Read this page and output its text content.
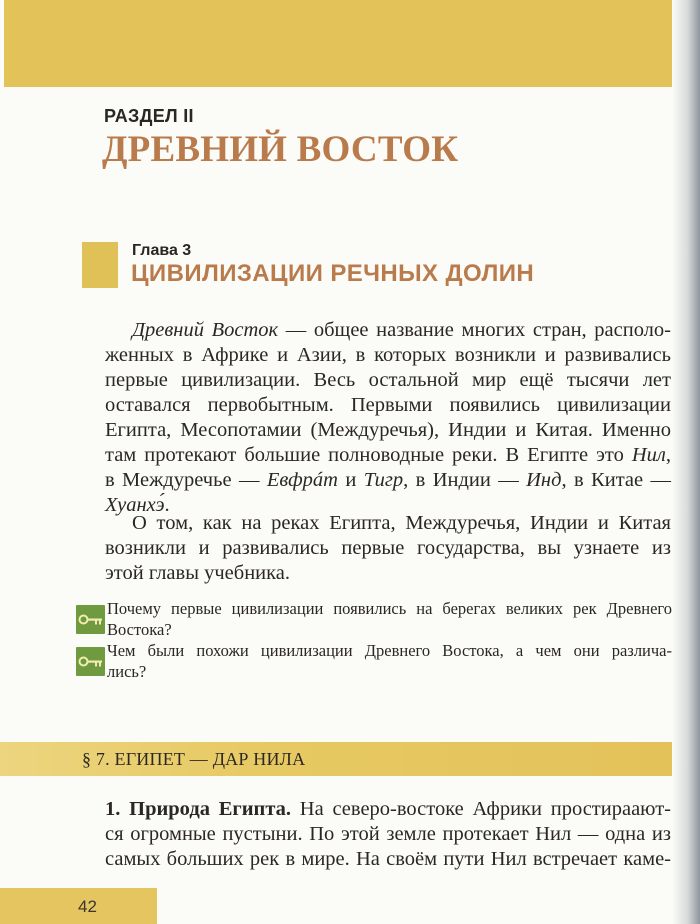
РАЗДЕЛ II
ДРЕВНИЙ ВОСТОК
Глава 3
ЦИВИЛИЗАЦИИ РЕЧНЫХ ДОЛИН
Древний Восток — общее название многих стран, располо-
женных в Африке и Азии, в которых возникли и развивались
первые цивилизации. Весь остальной мир ещё тысячи лет
оставался первобытным. Первыми появились цивилизации
Египта, Месопотамии (Междуречья), Индии и Китая. Именно
там протекают большие полноводные реки. В Египте это Нил,
в Междуречье — Евфрáт и Тигр, в Индии — Инд, в Китае —
Хуанхэ́.
О том, как на реках Египта, Междуречья, Индии и Китая
возникли и развивались первые государства, вы узнаете из
этой главы учебника.
Почему первые цивилизации появились на берегах великих рек Древнего
Востока?
Чем были похожи цивилизации Древнего Востока, а чем они различа-
лись?
§ 7. ЕГИПЕТ — ДАР НИЛА
1. Природа Египта. На северо-востоке Африки простираают-
ся огромные пустыни. По этой земле протекает Нил — одна из
самых больших рек в мире. На своём пути Нил встречает каме-
42
